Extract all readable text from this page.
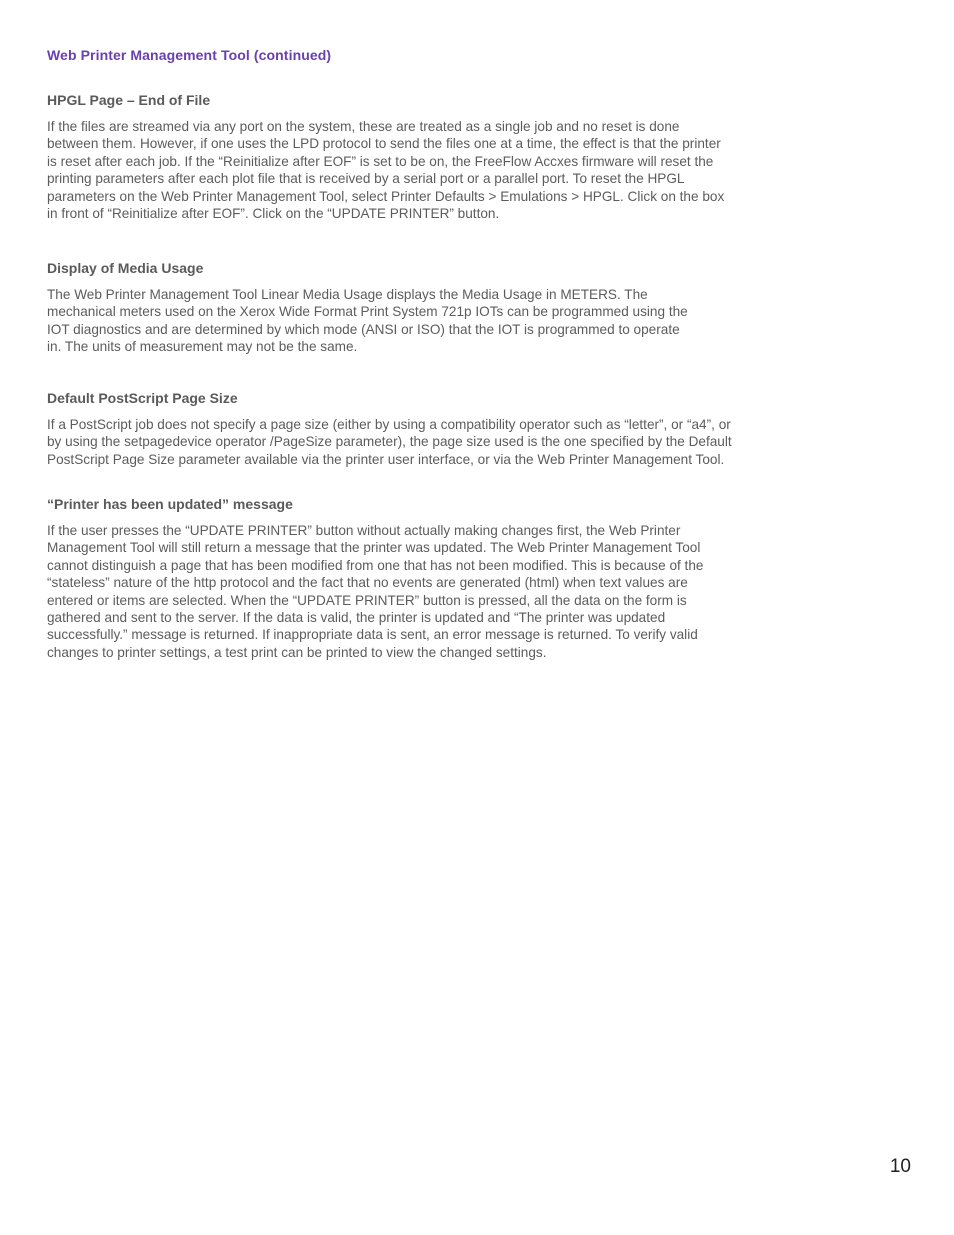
Web Printer Management Tool (continued)
HPGL Page – End of File

If the files are streamed via any port on the system, these are treated as a single job and no reset is done
between them. However, if one uses the LPD protocol to send the files one at a time, the effect is that the printer
is reset after each job. If the “Reinitialize after EOF” is set to be on, the FreeFlow Accxes firmware will reset the
printing parameters after each plot file that is received by a serial port or a parallel port. To reset the HPGL
parameters on the Web Printer Management Tool, select Printer Defaults > Emulations > HPGL. Click on the box
in front of “Reinitialize after EOF”. Click on the “UPDATE PRINTER” button.

Display of Media Usage

The Web Printer Management Tool Linear Media Usage displays the Media Usage in METERS. The
mechanical meters used on the Xerox Wide Format Print System 721p IOTs can be programmed using the
IOT diagnostics and are determined by which mode (ANSI or ISO) that the IOT is programmed to operate
in. The units of measurement may not be the same.

Default PostScript Page Size

If a PostScript job does not specify a page size (either by using a compatibility operator such as “letter”, or “a4”, or
by using the setpagedevice operator /PageSize parameter), the page size used is the one specified by the Default
PostScript Page Size parameter available via the printer user interface, or via the Web Printer Management Tool.

“Printer has been updated” message

If the user presses the “UPDATE PRINTER” button without actually making changes first, the Web Printer
Management Tool will still return a message that the printer was updated. The Web Printer Management Tool
cannot distinguish a page that has been modified from one that has not been modified. This is because of the
“stateless” nature of the http protocol and the fact that no events are generated (html) when text values are
entered or items are selected. When the “UPDATE PRINTER” button is pressed, all the data on the form is
gathered and sent to the server. If the data is valid, the printer is updated and “The printer was updated
successfully.” message is returned. If inappropriate data is sent, an error message is returned. To verify valid
changes to printer settings, a test print can be printed to view the changed settings.

10
